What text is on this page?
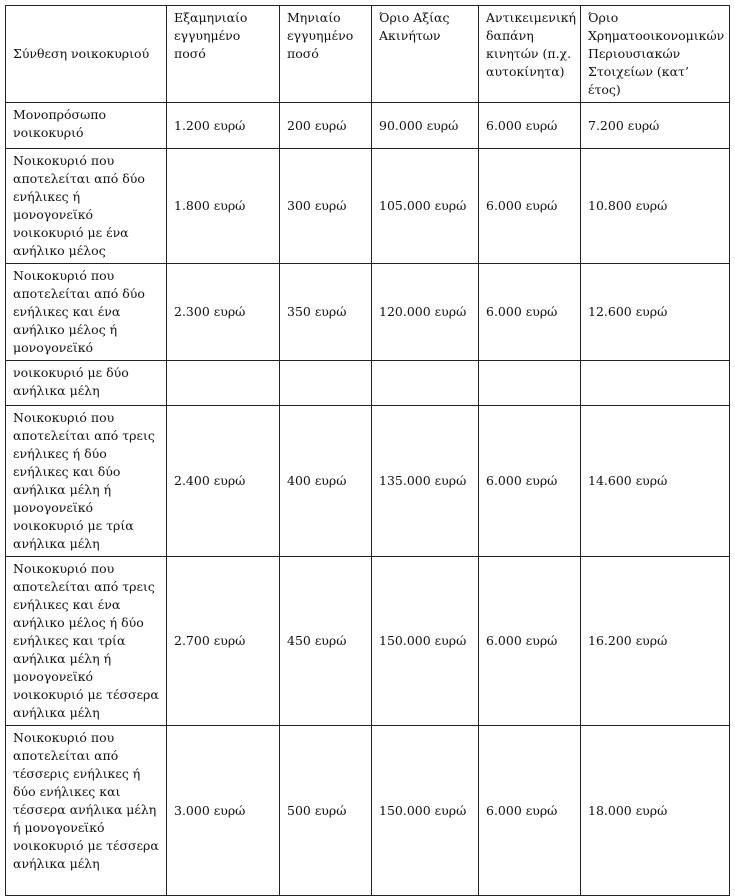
Σύνθεση νοικοκυριού	Εξαμηνιαίο εγγυημένο ποσό	Μηνιαίο εγγυημένο ποσό	Όριο Αξίας Ακινήτων	Αντικειμενική δαπάνη κινητών (π.χ. αυτοκίνητα)	Όριο Χρηματοοικονομικών Περιουσιακών Στοιχείων (κατ’ έτος)
Μονοπρόσωπο νοικοκυριό	1.200 ευρώ	200 ευρώ	90.000 ευρώ	6.000 ευρώ	7.200 ευρώ
Νοικοκυριό που αποτελείται από δύο ενήλικες ή μονογονεϊκό νοικοκυριό με ένα ανήλικο μέλος	1.800 ευρώ	300 ευρώ	105.000 ευρώ	6.000 ευρώ	10.800 ευρώ
Νοικοκυριό που αποτελείται από δύο ενήλικες και ένα ανήλικο μέλος ή μονογονεϊκό	2.300 ευρώ	350 ευρώ	120.000 ευρώ	6.000 ευρώ	12.600 ευρώ
νοικοκυριό με δύο ανήλικα μέλη					
Νοικοκυριό που αποτελείται από τρεις ενήλικες ή δύο ενήλικες και δύο ανήλικα μέλη ή μονογονεϊκό νοικοκυριό με τρία ανήλικα μέλη	2.400 ευρώ	400 ευρώ	135.000 ευρώ	6.000 ευρώ	14.600 ευρώ
Νοικοκυριό που αποτελείται από τρεις ενήλικες και ένα ανήλικο μέλος ή δύο ενήλικες και τρία ανήλικα μέλη ή μονογονεϊκό νοικοκυριό με τέσσερα ανήλικα μέλη	2.700 ευρώ	450 ευρώ	150.000 ευρώ	6.000 ευρώ	16.200 ευρώ
Νοικοκυριό που αποτελείται από τέσσερις ενήλικες ή δύο ενήλικες και τέσσερα ανήλικα μέλη ή μονογονεϊκό νοικοκυριό με τέσσερα ανήλικα μέλη	3.000 ευρώ	500 ευρώ	150.000 ευρώ	6.000 ευρώ	18.000 ευρώ
